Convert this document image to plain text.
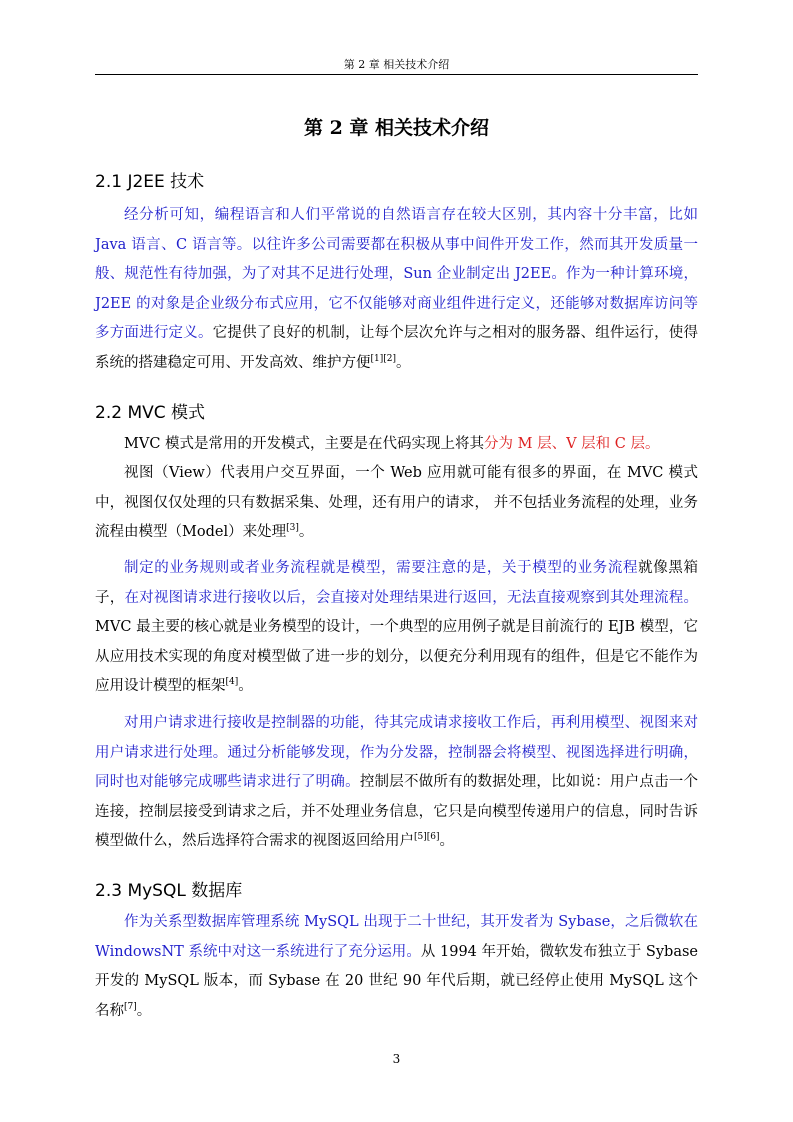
第 2 章 相关技术介绍
第 2 章 相关技术介绍
2.1 J2EE 技术
经分析可知，编程语言和人们平常说的自然语言存在较大区别，其内容十分丰富，比如 Java 语言、C 语言等。以往许多公司需要都在积极从事中间件开发工作，然而其开发质量一般、规范性有待加强，为了对其不足进行处理，Sun 企业制定出 J2EE。作为一种计算环境，J2EE 的对象是企业级分布式应用，它不仅能够对商业组件进行定义，还能够对数据库访问等多方面进行定义。它提供了良好的机制，让每个层次允许与之相对的服务器、组件运行，使得系统的搭建稳定可用、开发高效、维护方便[1][2]。
2.2 MVC 模式
MVC 模式是常用的开发模式，主要是在代码实现上将其分为 M 层、V 层和 C 层。
视图（View）代表用户交互界面，一个 Web 应用就可能有很多的界面，在 MVC 模式中，视图仅仅处理的只有数据采集、处理，还有用户的请求， 并不包括业务流程的处理，业务流程由模型（Model）来处理[3]。
制定的业务规则或者业务流程就是模型，需要注意的是，关于模型的业务流程就像黑箱子，在对视图请求进行接收以后，会直接对处理结果进行返回，无法直接观察到其处理流程。MVC 最主要的核心就是业务模型的设计，一个典型的应用例子就是目前流行的 EJB 模型，它从应用技术实现的角度对模型做了进一步的划分，以便充分利用现有的组件，但是它不能作为应用设计模型的框架[4]。
对用户请求进行接收是控制器的功能，待其完成请求接收工作后，再利用模型、视图来对用户请求进行处理。通过分析能够发现，作为分发器，控制器会将模型、视图选择进行明确，同时也对能够完成哪些请求进行了明确。控制层不做所有的数据处理，比如说：用户点击一个连接，控制层接受到请求之后，并不处理业务信息，它只是向模型传递用户的信息，同时告诉模型做什么，然后选择符合需求的视图返回给用户[5][6]。
2.3 MySQL 数据库
作为关系型数据库管理系统 MySQL 出现于二十世纪，其开发者为 Sybase，之后微软在 WindowsNT 系统中对这一系统进行了充分运用。从 1994 年开始，微软发布独立于 Sybase 开发的 MySQL 版本，而 Sybase 在 20 世纪 90 年代后期，就已经停止使用 MySQL 这个名称[7]。
3
